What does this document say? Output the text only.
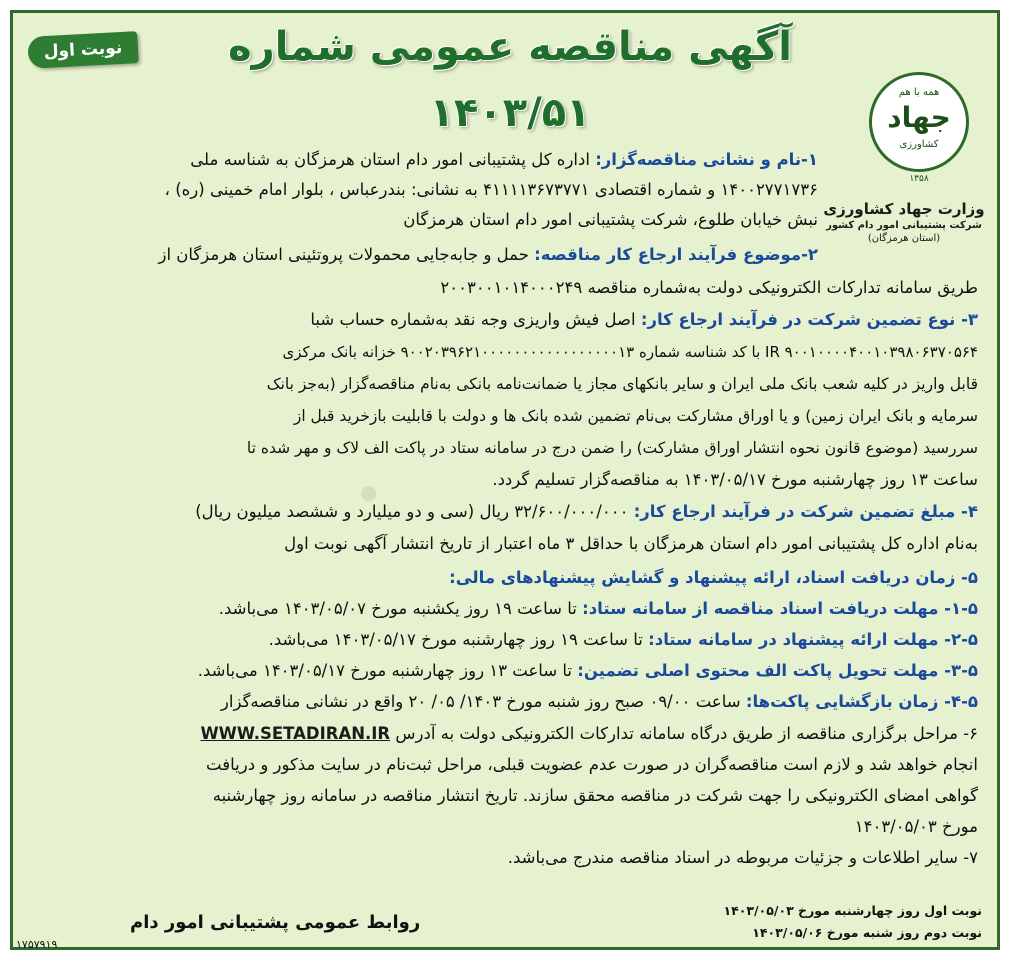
آگهی مناقصه عمومی شماره ۱۴۰۳/۵۱
نوبت اول
همه با هم
جهاد
کشاورزی
۱۳۵۸
وزارت جهاد کشاورزی
شرکت پشتیبانی امور دام کشور
(استان هرمزگان)
●
۱-نام و نشانی مناقصه‌گزار: اداره کل پشتیبانی امور دام استان هرمزگان به شناسه ملی
۱۴۰۰۲۷۷۱۷۳۶ و شماره اقتصادی ۴۱۱۱۱۳۶۷۳۷۷۱ به نشانی: بندرعباس ، بلوار امام خمینی (ره) ،
نبش خیابان طلوع، شرکت پشتیبانی امور دام استان هرمزگان
۲-موضوع فرآیند ارجاع کار مناقصه: حمل و جابه‌جایی محمولات پروتئینی استان هرمزگان از
طریق سامانه تدارکات الکترونیکی دولت به‌شماره مناقصه ۲۰۰۳۰۰۱۰۱۴۰۰۰۲۴۹
۳- نوع تضمین شرکت در فرآیند ارجاع کار: اصل فیش واریزی وجه نقد به‌شماره حساب شبا
IR ۹۰۰۱۰۰۰۰۴۰۰۱۰۳۹۸۰۶۳۷۰۵۶۴ با کد شناسه شماره ۹۰۰۲۰۳۹۶۲۱۰۰۰۰۰۰۰۰۰۰۰۰۰۰۰۰۰۱۳ خزانه بانک مرکزی
قابل واریز در کلیه شعب بانک ملی ایران و سایر بانکهای مجاز یا ضمانت‌نامه بانکی به‌نام مناقصه‌گزار (به‌جز بانک
سرمایه و بانک ایران زمین) و یا اوراق مشارکت بی‌نام تضمین شده بانک ها و دولت با قابلیت بازخرید قبل از
سررسید (موضوع قانون نحوه انتشار اوراق مشارکت) را ضمن درج در سامانه ستاد در پاکت الف لاک و مهر شده تا
ساعت ۱۳ روز چهارشنبه مورخ ۱۴۰۳/۰۵/۱۷ به مناقصه‌گزار تسلیم گردد.
۴- مبلغ تضمین شرکت در فرآیند ارجاع کار: ۳۲/۶۰۰/۰۰۰/۰۰۰ ریال (سی و دو میلیارد و ششصد میلیون ریال)
به‌نام اداره کل پشتیبانی امور دام استان هرمزگان با حداقل ۳ ماه اعتبار از تاریخ انتشار آگهی نوبت اول
۵- زمان دریافت اسناد، ارائه پیشنهاد و گشایش پیشنهادهای مالی:
۱-۵- مهلت دریافت اسناد مناقصه از سامانه ستاد: تا ساعت ۱۹ روز یکشنبه مورخ ۱۴۰۳/۰۵/۰۷ می‌باشد.
۲-۵- مهلت ارائه پیشنهاد در سامانه ستاد: تا ساعت ۱۹ روز چهارشنبه مورخ ۱۴۰۳/۰۵/۱۷ می‌باشد.
۳-۵- مهلت تحویل پاکت الف محتوی اصلی تضمین: تا ساعت ۱۳ روز چهارشنبه مورخ ۱۴۰۳/۰۵/۱۷ می‌باشد.
۴-۵- زمان بازگشایی پاکت‌ها: ساعت ۰۹/۰۰ صبح روز شنبه مورخ ۱۴۰۳/ ۰۵/ ۲۰ واقع در نشانی مناقصه‌گزار
۶- مراحل برگزاری مناقصه از طریق درگاه سامانه تدارکات الکترونیکی دولت به آدرس WWW.SETADIRAN.IR
انجام خواهد شد و لازم است مناقصه‌گران در صورت عدم عضویت قبلی، مراحل ثبت‌نام در سایت مذکور و دریافت
گواهی امضای الکترونیکی را جهت شرکت در مناقصه محقق سازند. تاریخ انتشار مناقصه در سامانه روز چهارشنبه
مورخ ۱۴۰۳/۰۵/۰۳
۷- سایر اطلاعات و جزئیات مربوطه در اسناد مناقصه مندرج می‌باشد.
نوبت اول روز چهارشنبه مورخ ۱۴۰۳/۰۵/۰۳
نوبت دوم روز شنبه مورخ ۱۴۰۳/۰۵/۰۶
روابط عمومی پشتیبانی امور دام
۱۷۵۷۹۱۹
